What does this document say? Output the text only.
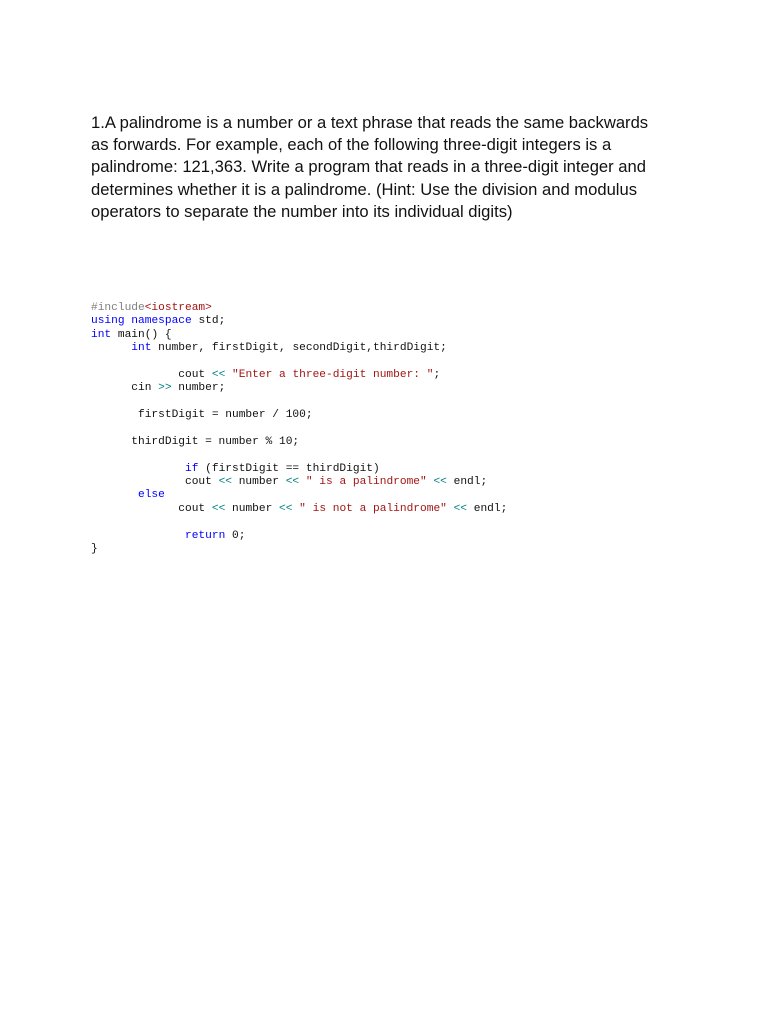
1.A palindrome is a number or a text phrase that reads the same backwards
as forwards. For example, each of the following three-digit integers is a
palindrome: 121,363. Write a program that reads in a three-digit integer and
determines whether it is a palindrome. (Hint: Use the division and modulus
operators to separate the number into its individual digits)
#include<iostream>
using namespace std;
int main() {
int number, firstDigit, secondDigit,thirdDigit;
cout << "Enter a three-digit number: ";
cin >> number;
firstDigit = number / 100;
thirdDigit = number % 10;
if (firstDigit == thirdDigit)
cout << number << " is a palindrome" << endl;
else
cout << number << " is not a palindrome" << endl;
return 0;
}
